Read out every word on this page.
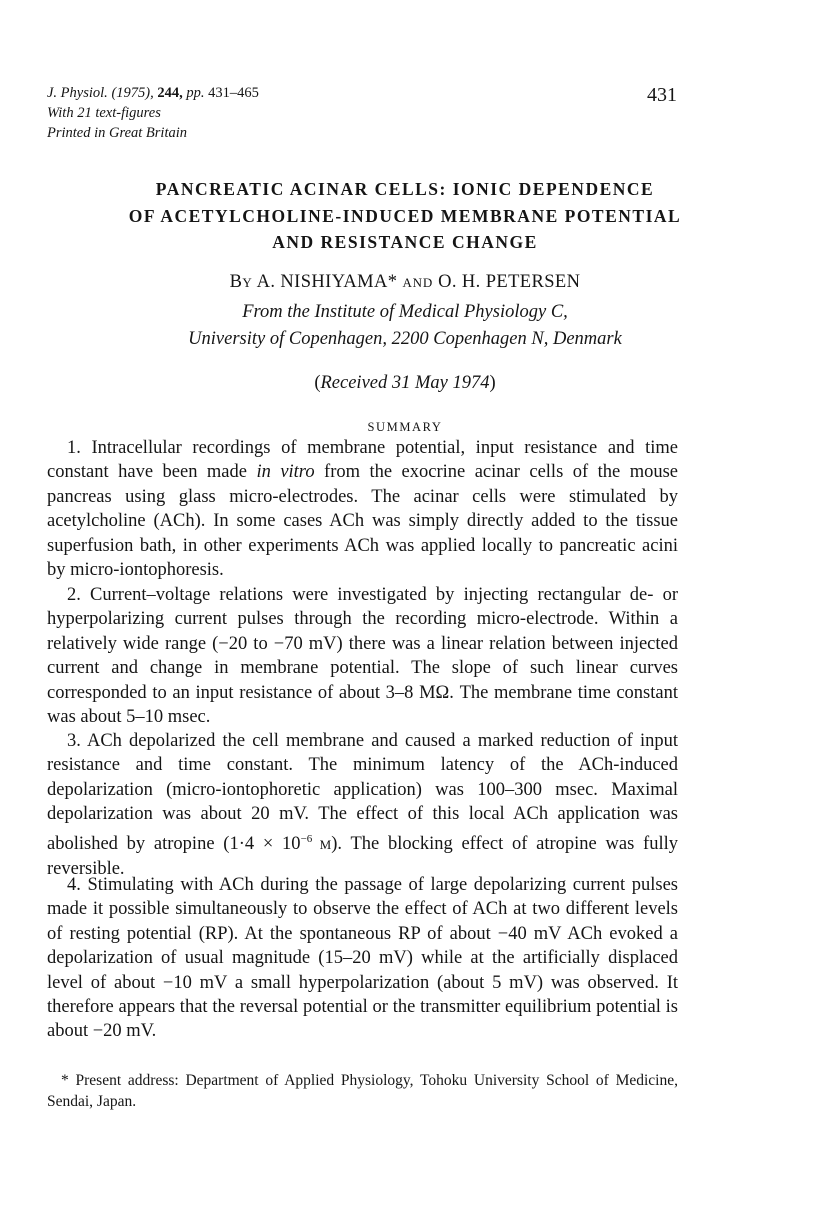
J. Physiol. (1975), 244, pp. 431–465
With 21 text-figures
Printed in Great Britain
431
PANCREATIC ACINAR CELLS: IONIC DEPENDENCE
OF ACETYLCHOLINE-INDUCED MEMBRANE POTENTIAL
AND RESISTANCE CHANGE
BY A. NISHIYAMA* AND O. H. PETERSEN
From the Institute of Medical Physiology C,
University of Copenhagen, 2200 Copenhagen N, Denmark
(Received 31 May 1974)
SUMMARY

1. Intracellular recordings of membrane potential, input resistance and time constant have been made in vitro from the exocrine acinar cells of the mouse pancreas using glass micro-electrodes. The acinar cells were stimulated by acetylcholine (ACh). In some cases ACh was simply directly added to the tissue superfusion bath, in other experiments ACh was applied locally to pancreatic acini by micro-iontophoresis.

2. Current–voltage relations were investigated by injecting rectangular de- or hyperpolarizing current pulses through the recording micro-electrode. Within a relatively wide range (−20 to −70 mV) there was a linear relation between injected current and change in membrane potential. The slope of such linear curves corresponded to an input resistance of about 3–8 MΩ. The membrane time constant was about 5–10 msec.

3. ACh depolarized the cell membrane and caused a marked reduction of input resistance and time constant. The minimum latency of the ACh-induced depolarization (micro-iontophoretic application) was 100–300 msec. Maximal depolarization was about 20 mV. The effect of this local ACh application was abolished by atropine ($1\cdot 4 \times 10^{-6}$ M). The blocking effect of atropine was fully reversible.

4. Stimulating with ACh during the passage of large depolarizing current pulses made it possible simultaneously to observe the effect of ACh at two different levels of resting potential (RP). At the spontaneous RP of about −40 mV ACh evoked a depolarization of usual magnitude (15–20 mV) while at the artificially displaced level of about −10 mV a small hyperpolarization (about 5 mV) was observed. It therefore appears that the reversal potential or the transmitter equilibrium potential is about −20 mV.

* Present address: Department of Applied Physiology, Tohoku University School of Medicine, Sendai, Japan.
